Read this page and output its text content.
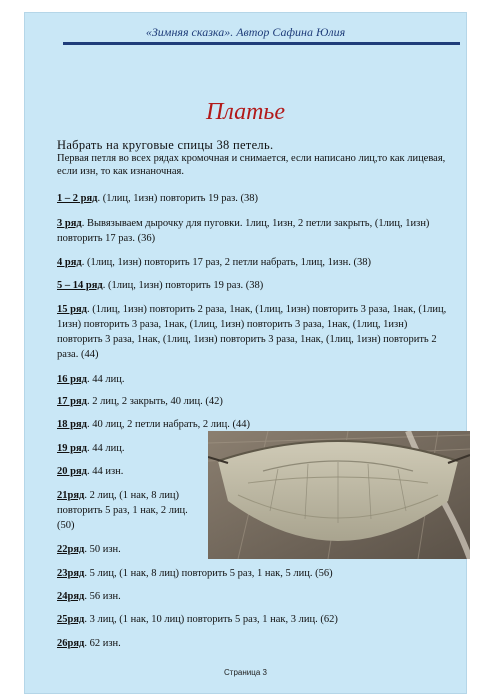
«Зимняя сказка». Автор Сафина Юлия
Платье
Набрать на круговые спицы 38 петель.
Первая петля во всех рядах кромочная и снимается, если написано лиц,то как лицевая, если изн, то как изнаночная.
1 – 2 ряд. (1лиц, 1изн) повторить 19 раз. (38)
3 ряд. Вывязываем дырочку для пуговки. 1лиц, 1изн, 2 петли закрыть, (1лиц, 1изн) повторить 17 раз. (36)
4 ряд. (1лиц, 1изн) повторить 17 раз, 2 петли набрать, 1лиц, 1изн. (38)
5 – 14 ряд. (1лиц, 1изн) повторить 19 раз. (38)
15 ряд. (1лиц, 1изн) повторить 2 раза, 1нак, (1лиц, 1изн) повторить 3 раза, 1нак, (1лиц, 1изн) повторить 3 раза, 1нак, (1лиц, 1изн) повторить 3 раза, 1нак, (1лиц, 1изн) повторить 3 раза, 1нак, (1лиц, 1изн) повторить 3 раза, 1нак, (1лиц, 1изн) повторить 2 раза. (44)
16 ряд. 44 лиц.
17 ряд. 2 лиц, 2 закрыть, 40 лиц. (42)
18 ряд. 40 лиц, 2 петли набрать, 2 лиц. (44)
19 ряд. 44 лиц.
20 ряд. 44 изн.
21ряд. 2 лиц, (1 нак, 8 лиц) повторить 5 раз, 1 нак, 2 лиц. (50)
22ряд. 50 изн.
23ряд. 5 лиц, (1 нак, 8 лиц) повторить 5 раз, 1 нак, 5 лиц. (56)
24ряд. 56 изн.
25ряд. 3 лиц, (1 нак, 10 лиц) повторить 5 раз, 1 нак, 3 лиц. (62)
26ряд. 62 изн.
Страница 3
